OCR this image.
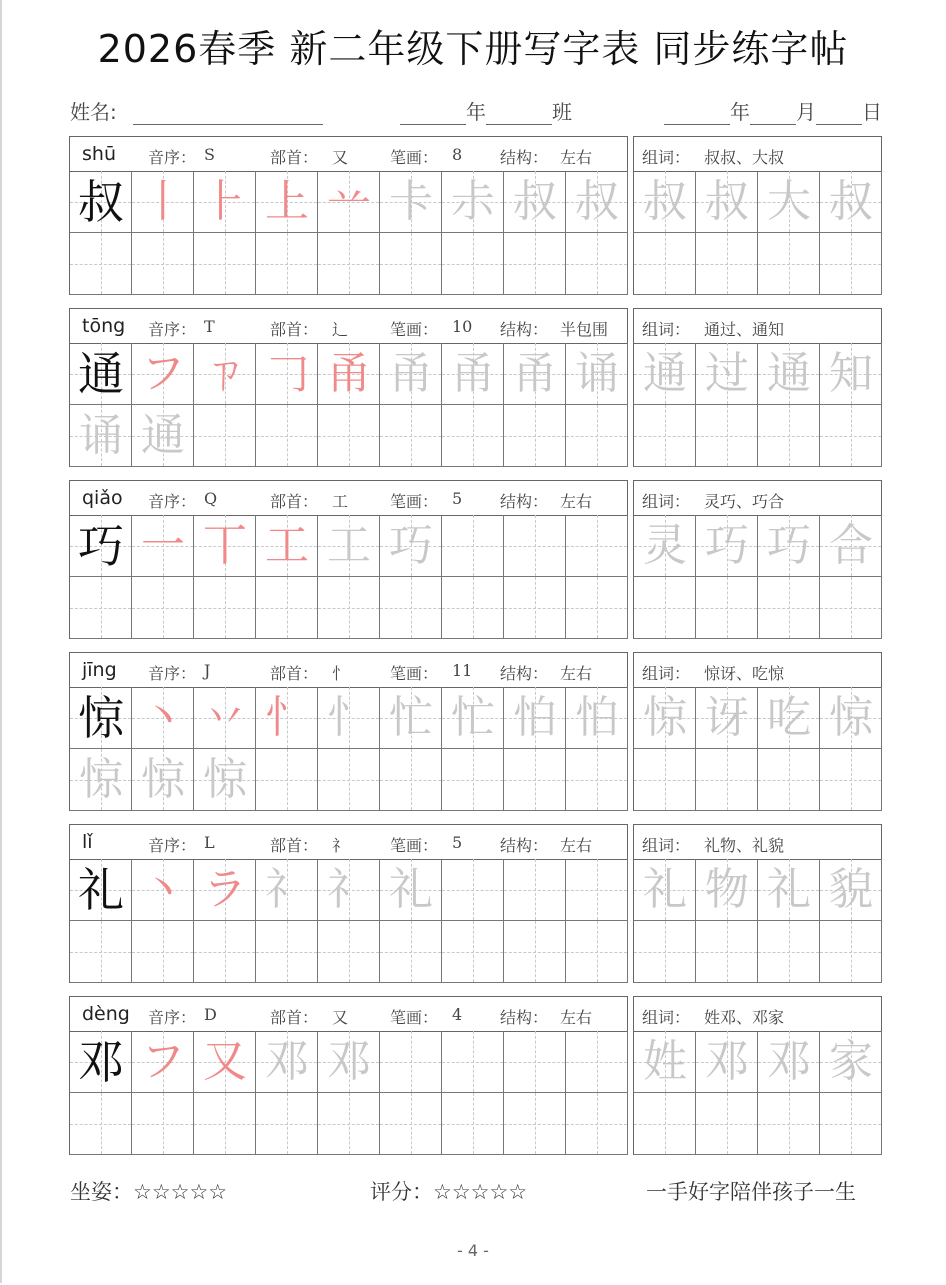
2026春季 新二年级下册写字表 同步练字帖
姓名:	年	班	年 月 日
shū 音序： S	部首： 又	笔画： 8 结构： 左右
叔 丨 ⺊ 上 䒑 卡 尗 叔 叔
组词： 叔叔、大叔
叔 叔 大 叔
tōng 音序： T	部首： 辶	笔画： 10 结构： 半包围
通 フ ㄗ 𠃌 甬 甬 甬 甬 诵
诵 通
组词： 通过、通知
通 过 通 知
qiǎo 音序： Q	部首： 工	笔画： 5 结构： 左右
巧 一 丅 工 工 巧
组词： 灵巧、巧合
灵 巧 巧 合
jīng 音序： J	部首： 忄	笔画： 11 结构： 左右
惊 丶 丷 忄 忄 忙 忙 怕 怕
惊 惊 惊
组词： 惊讶、吃惊
惊 讶 吃 惊
lǐ	音序： L	部首： 礻	笔画： 5 结构： 左右
礼 丶 ラ 礻 礻 礼
组词： 礼物、礼貌
礼 物 礼 貌
dèng 音序： D	部首： 又	笔画： 4 结构： 左右
邓 フ 又 邓 邓
组词： 姓邓、邓家
姓 邓 邓 家
坐姿：☆☆☆☆☆	评分：☆☆☆☆☆	一手好字陪伴孩子一生
- 4 -
